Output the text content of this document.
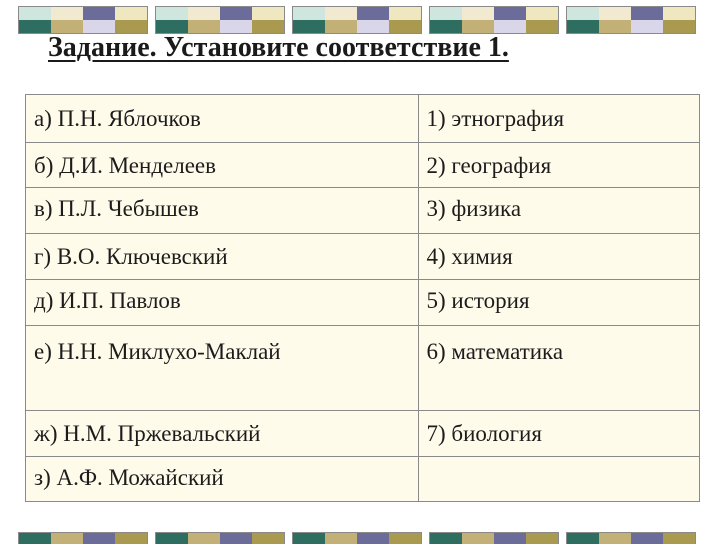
Задание. Установите соответствие 1.
а) П.Н. Яблочков	1) этнография
б) Д.И. Менделеев	2) география
в) П.Л. Чебышев	3) физика
г) В.О. Ключевский	4) химия
д) И.П. Павлов	5) история
е) Н.Н. Миклухо-Маклай	6) математика
ж) Н.М. Пржевальский	7) биология
з) А.Ф. Можайский	
